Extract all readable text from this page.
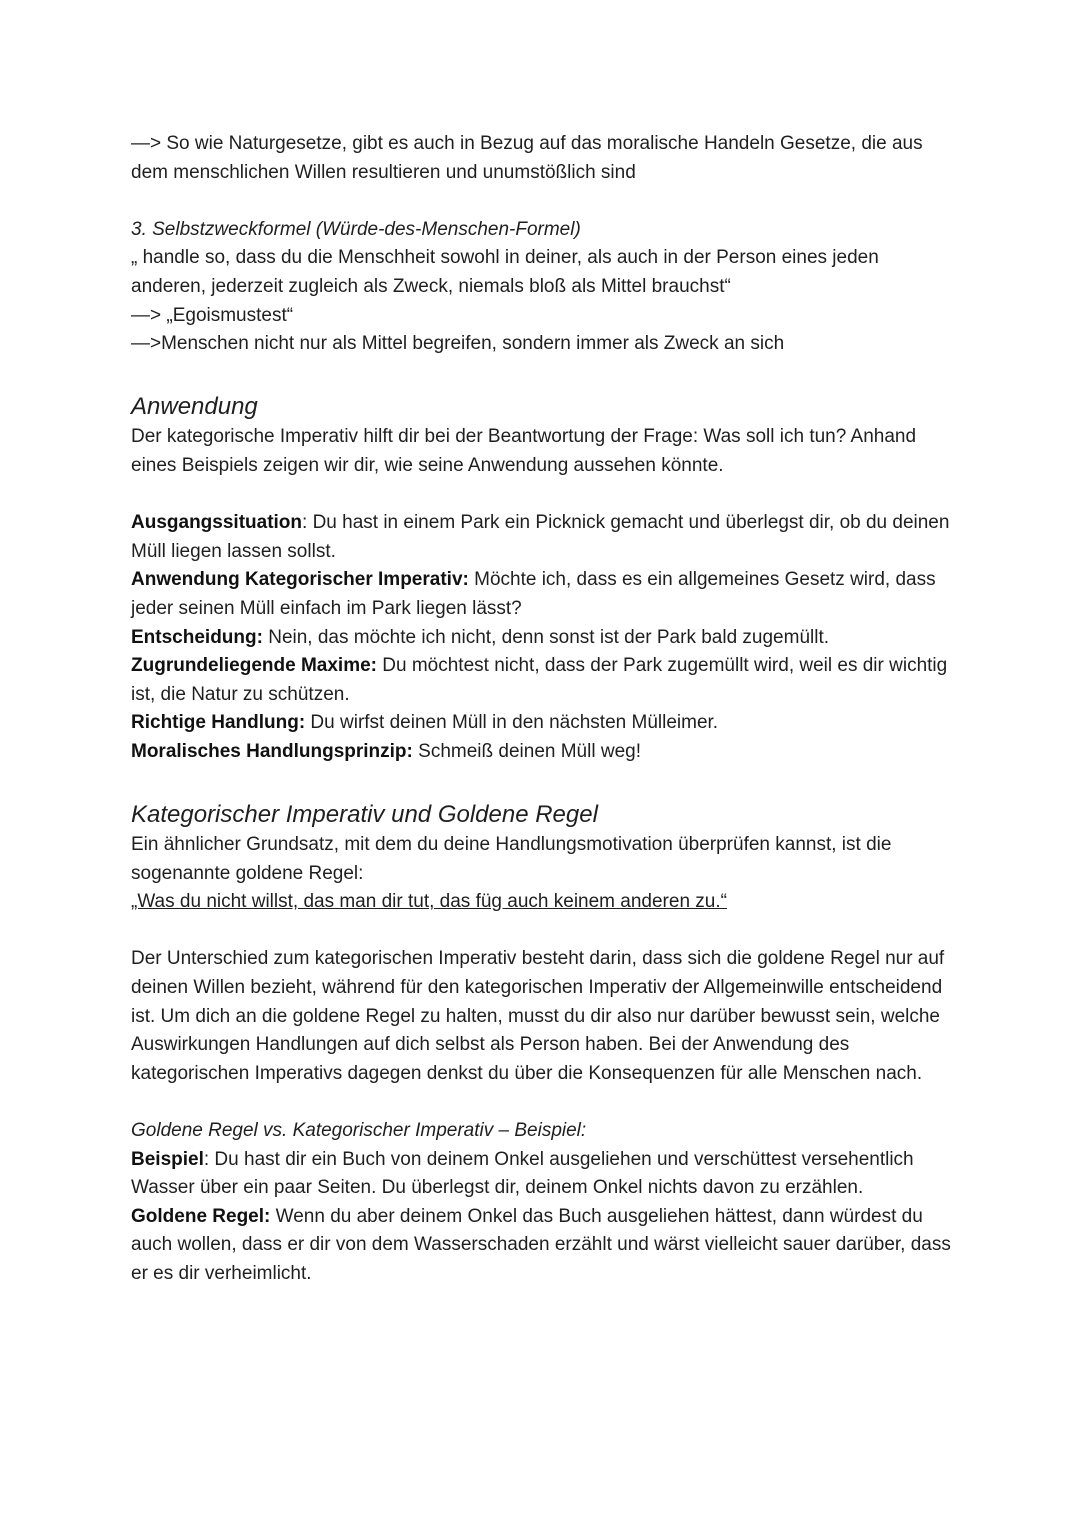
—> So wie Naturgesetze, gibt es auch in Bezug auf das moralische Handeln Gesetze, die aus dem menschlichen Willen resultieren und unumstößlich sind

3. Selbstzweckformel (Würde-des-Menschen-Formel)

„ handle so, dass du die Menschheit sowohl in deiner, als auch in der Person eines jeden anderen, jederzeit zugleich als Zweck, niemals bloß als Mittel brauchst“

—> „Egoismustest“

—>Menschen nicht nur als Mittel begreifen, sondern immer als Zweck an sich

Anwendung

Der kategorische Imperativ hilft dir bei der Beantwortung der Frage: Was soll ich tun? Anhand eines Beispiels zeigen wir dir, wie seine Anwendung aussehen könnte.

Ausgangssituation: Du hast in einem Park ein Picknick gemacht und überlegst dir, ob du deinen Müll liegen lassen sollst.

Anwendung Kategorischer Imperativ: Möchte ich, dass es ein allgemeines Gesetz wird, dass jeder seinen Müll einfach im Park liegen lässt?

Entscheidung: Nein, das möchte ich nicht, denn sonst ist der Park bald zugemüllt.

Zugrundeliegende Maxime: Du möchtest nicht, dass der Park zugemüllt wird, weil es dir wichtig ist, die Natur zu schützen.

Richtige Handlung: Du wirfst deinen Müll in den nächsten Mülleimer.

Moralisches Handlungsprinzip: Schmeiß deinen Müll weg!

Kategorischer Imperativ und Goldene Regel

Ein ähnlicher Grundsatz, mit dem du deine Handlungsmotivation überprüfen kannst, ist die sogenannte goldene Regel:

„Was du nicht willst, das man dir tut, das füg auch keinem anderen zu.“

Der Unterschied zum kategorischen Imperativ besteht darin, dass sich die goldene Regel nur auf deinen Willen bezieht, während für den kategorischen Imperativ der Allgemeinwille entscheidend ist. Um dich an die goldene Regel zu halten, musst du dir also nur darüber bewusst sein, welche Auswirkungen Handlungen auf dich selbst als Person haben. Bei der Anwendung des kategorischen Imperativs dagegen denkst du über die Konsequenzen für alle Menschen nach.

Goldene Regel vs. Kategorischer Imperativ – Beispiel:

Beispiel: Du hast dir ein Buch von deinem Onkel ausgeliehen und verschüttest versehentlich Wasser über ein paar Seiten. Du überlegst dir, deinem Onkel nichts davon zu erzählen.

Goldene Regel: Wenn du aber deinem Onkel das Buch ausgeliehen hättest, dann würdest du auch wollen, dass er dir von dem Wasserschaden erzählt und wärst vielleicht sauer darüber, dass er es dir verheimlicht.
